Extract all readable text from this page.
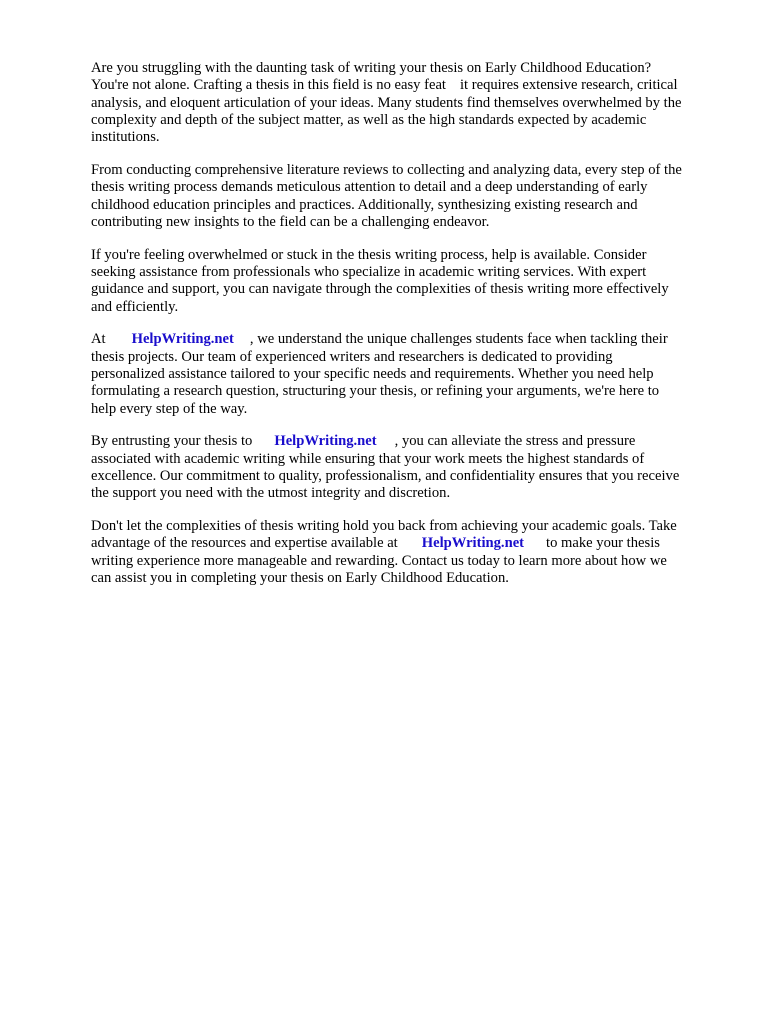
Are you struggling with the daunting task of writing your thesis on Early Childhood Education?
You're not alone. Crafting a thesis in this field is no easy feat it requires extensive research, critical
analysis, and eloquent articulation of your ideas. Many students find themselves overwhelmed by the
complexity and depth of the subject matter, as well as the high standards expected by academic
institutions.

From conducting comprehensive literature reviews to collecting and analyzing data, every step of the
thesis writing process demands meticulous attention to detail and a deep understanding of early
childhood education principles and practices. Additionally, synthesizing existing research and
contributing new insights to the field can be a challenging endeavor.

If you're feeling overwhelmed or stuck in the thesis writing process, help is available. Consider
seeking assistance from professionals who specialize in academic writing services. With expert
guidance and support, you can navigate through the complexities of thesis writing more effectively
and efficiently.

At HelpWriting.net , we understand the unique challenges students face when tackling their
thesis projects. Our team of experienced writers and researchers is dedicated to providing
personalized assistance tailored to your specific needs and requirements. Whether you need help
formulating a research question, structuring your thesis, or refining your arguments, we're here to
help every step of the way.

By entrusting your thesis to HelpWriting.net , you can alleviate the stress and pressure
associated with academic writing while ensuring that your work meets the highest standards of
excellence. Our commitment to quality, professionalism, and confidentiality ensures that you receive
the support you need with the utmost integrity and discretion.

Don't let the complexities of thesis writing hold you back from achieving your academic goals. Take
advantage of the resources and expertise available at HelpWriting.net to make your thesis
writing experience more manageable and rewarding. Contact us today to learn more about how we
can assist you in completing your thesis on Early Childhood Education.
